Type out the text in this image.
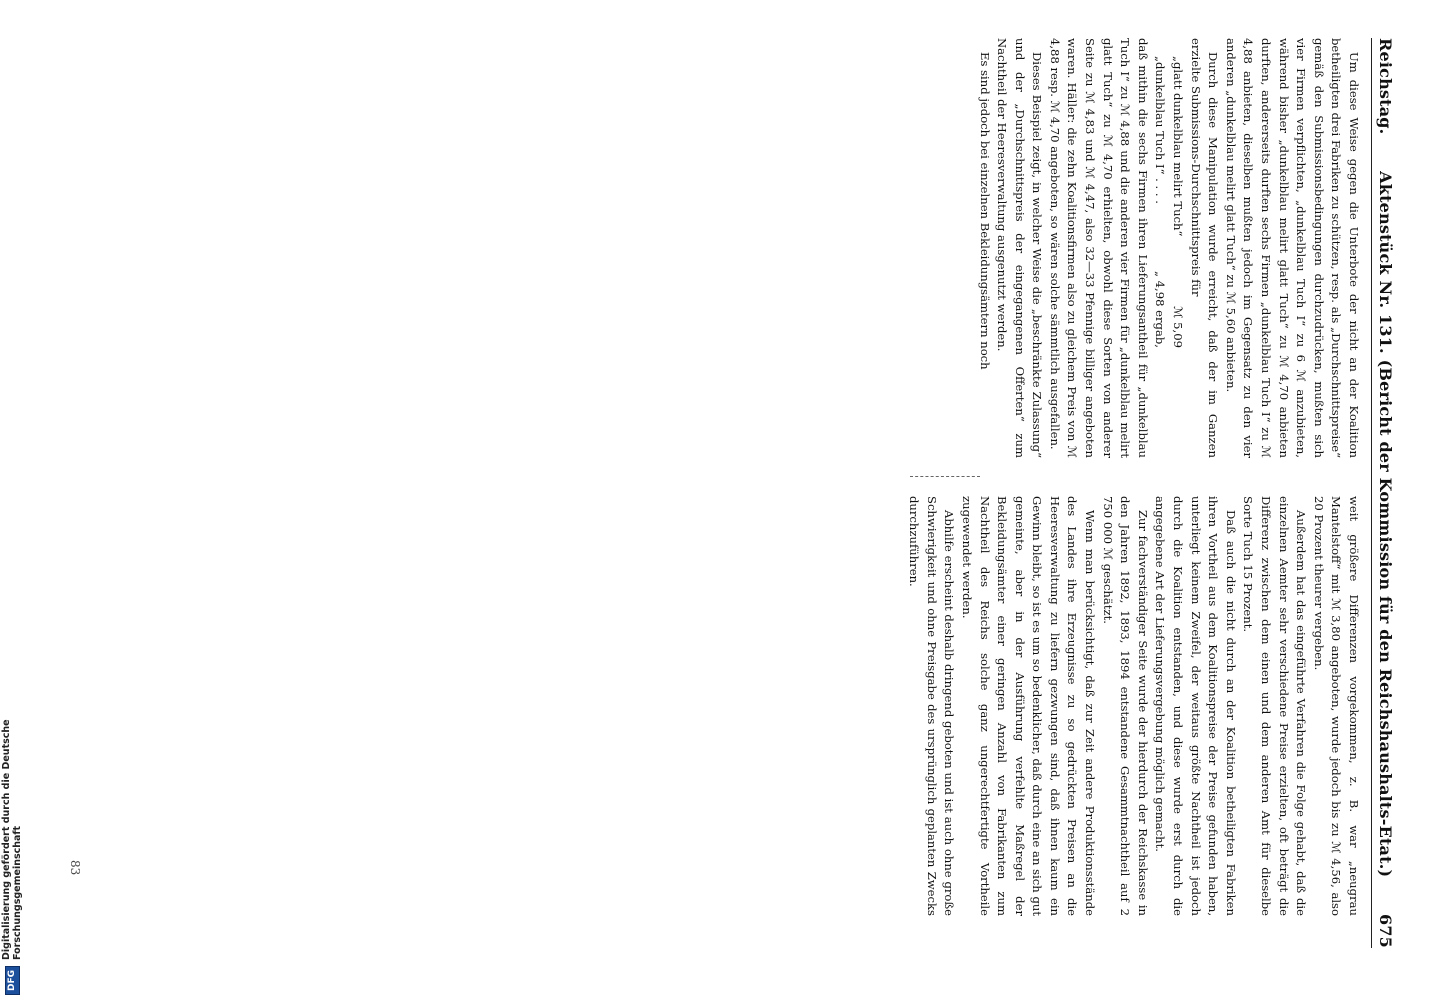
DFG
Digitalisierung gefördert durch die Deutsche Forschungsgemeinschaft	83
Reichstag.
Aktenstück Nr. 131. (Bericht der Kommission für den Reichshaushalts-Etat.)
675

Um diese Weise gegen die Unterbote der nicht an der Koalition betheiligten drei Fabriken zu schützen, resp. als „Durchschnittspreise“ gemäß den Submissionsbedingungen durchzudrücken, mußten sich vier Firmen verpflichten, „dunkelblau Tuch I“ zu 6 ℳ anzubieten, während bisher „dunkelblau melirt glatt Tuch“ zu ℳ 4,70 anbieten durften, andererseits durften sechs Firmen „dunkelblau Tuch I“ zu ℳ 4,88 anbieten, dieselben mußten jedoch im Gegensatz zu den vier anderen „dunkelblau melirt glatt Tuch“ zu ℳ 5,60 anbieten.

Durch diese Manipulation wurde erreicht, daß der im Ganzen erzielte Submissions-Durchschnittspreis für

„glatt dunkelblau melirt Tuch“
ℳ 5,09
„dunkelblau Tuch I“ . . . .
„ 4,98 ergab,

daß mithin die sechs Firmen ihren Lieferungsantheil für „dunkelblau Tuch I“ zu ℳ 4,88 und die anderen vier Firmen für „dunkelblau melirt glatt Tuch“ zu ℳ 4,70 erhielten, obwohl diese Sorten von anderer Seite zu ℳ 4,83 und ℳ 4,47, also 32—33 Pfennige billiger angeboten waren. Häller: die zehn Koalitionsfirmen also zu gleichem Preis von ℳ 4,88 resp. ℳ 4,70 angeboten, so wären solche sämmtlich ausgefallen.

Dieses Beispiel zeigt, in welcher Weise die „beschränkte Zulassung“ und der „Durchschnittspreis der eingegangenen Offerten“ zum Nachtheil der Heeresverwaltung ausgenutzt werden.

Es sind jedoch bei einzelnen Bekleidungsämtern noch

weit größere Differenzen vorgekommen, z. B. war „neugrau Mantelstoff“ mit ℳ 3,80 angeboten, wurde jedoch bis zu ℳ 4,56, also 20 Prozent theurer vergeben.

Außerdem hat das eingeführte Verfahren die Folge gehabt, daß die einzelnen Aemter sehr verschiedene Preise erzielten, oft beträgt die Differenz zwischen dem einen und dem anderen Amt für dieselbe Sorte Tuch 15 Prozent.

Daß auch die nicht durch an der Koalition betheiligten Fabriken ihren Vortheil aus dem Koalitionspreise der Preise gefunden haben, unterliegt keinem Zweifel, der weitaus größte Nachtheil ist jedoch durch die Koalition entstanden, und diese wurde erst durch die angegebene Art der Lieferungsvergebung möglich gemacht.

Zur fachverständiger Seite wurde der hierdurch der Reichskasse in den Jahren 1892, 1893, 1894 entstandene Gesammtnachtheil auf 2 750 000 ℳ geschätzt.

Wenn man berücksichtigt, daß zur Zeit andere Produktionsstände des Landes ihre Erzeugnisse zu so gedrückten Preisen an die Heeresverwaltung zu liefern gezwungen sind, daß ihnen kaum ein Gewinn bleibt, so ist es um so bedenklicher, daß durch eine an sich gut gemeinte, aber in der Ausführung verfehlte Maßregel der Bekleidungsämter einer geringen Anzahl von Fabrikanten zum Nachtheil des Reichs solche ganz ungerechtfertigte Vortheile zugewendet werden.

Abhilfe erscheint deshalb dringend geboten und ist auch ohne große Schwierigkeit und ohne Preisgabe des ursprünglich geplanten Zwecks durchzuführen.
